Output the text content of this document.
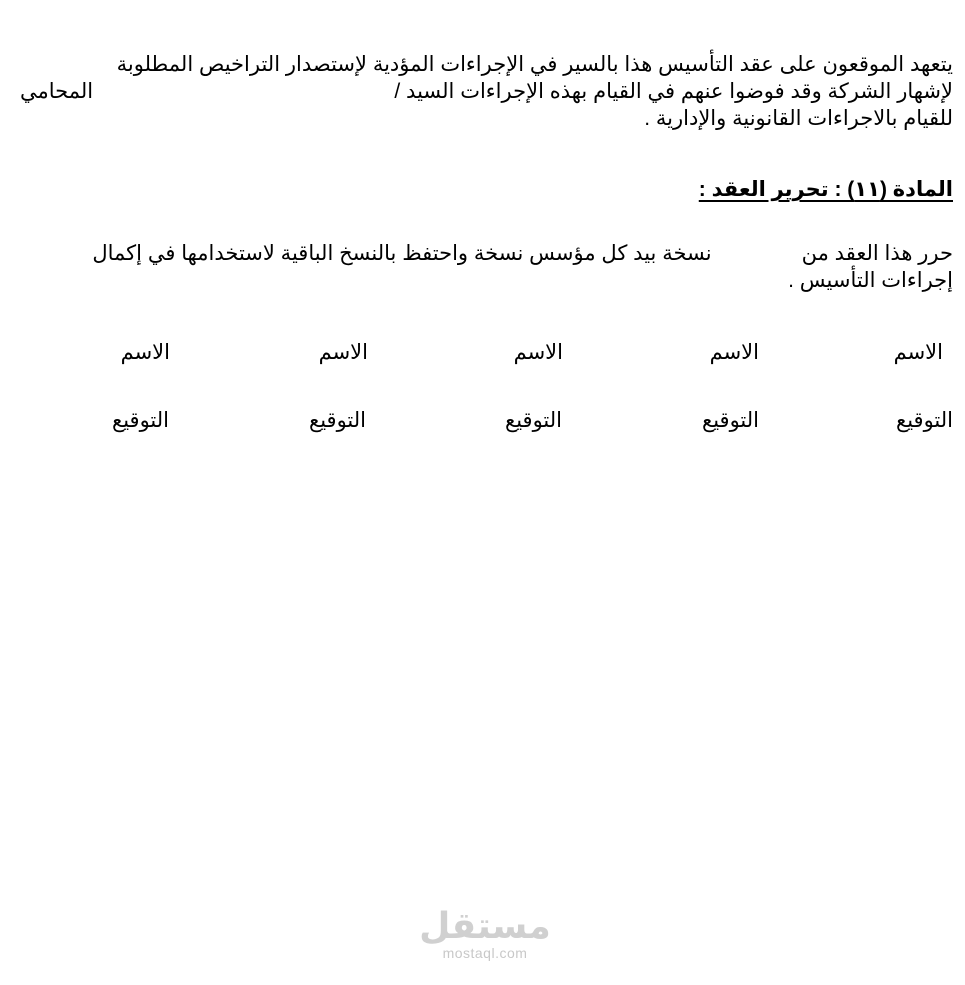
يتعهد الموقعون على عقد التأسيس هذا بالسير في الإجراءات المؤدية لإستصدار التراخيص المطلوبة
لإشهار الشركة وقد فوضوا عنهم في القيام بهذه الإجراءات السيد /
المحامي
للقيام بالاجراءات القانونية والإدارية .
المادة (١١) : تحرير العقد :
حرر هذا العقد من
نسخة بيد كل مؤسس نسخة واحتفظ بالنسخ الباقية لاستخدامها في إكمال
إجراءات التأسيس .
الاسم
الاسم
الاسم
الاسم
الاسم
التوقيع
التوقيع
التوقيع
التوقيع
التوقيع
مستقل
mostaql.com
